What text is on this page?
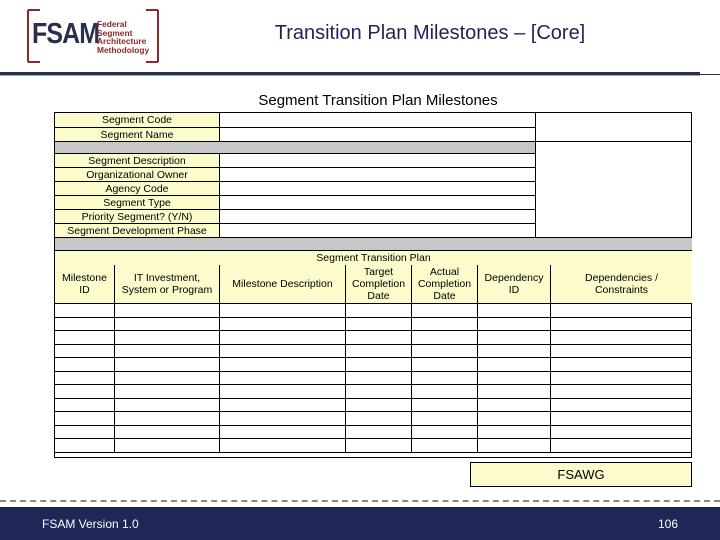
FSAM
Federal
Segment
Architecture
Methodology
Transition Plan Milestones – [Core]
Segment Transition Plan Milestones
Segment Code
Segment Name
Segment Description
Organizational Owner
Agency Code
Segment Type
Priority Segment? (Y/N)
Segment Development Phase
Segment Transition Plan
Milestone
ID
IT Investment,
System or Program	Milestone Description
Target
Completion
Date
Actual
Completion
Date
Dependency
ID
Dependencies /
Constraints
FSAWG
FSAM Version 1.0	106
